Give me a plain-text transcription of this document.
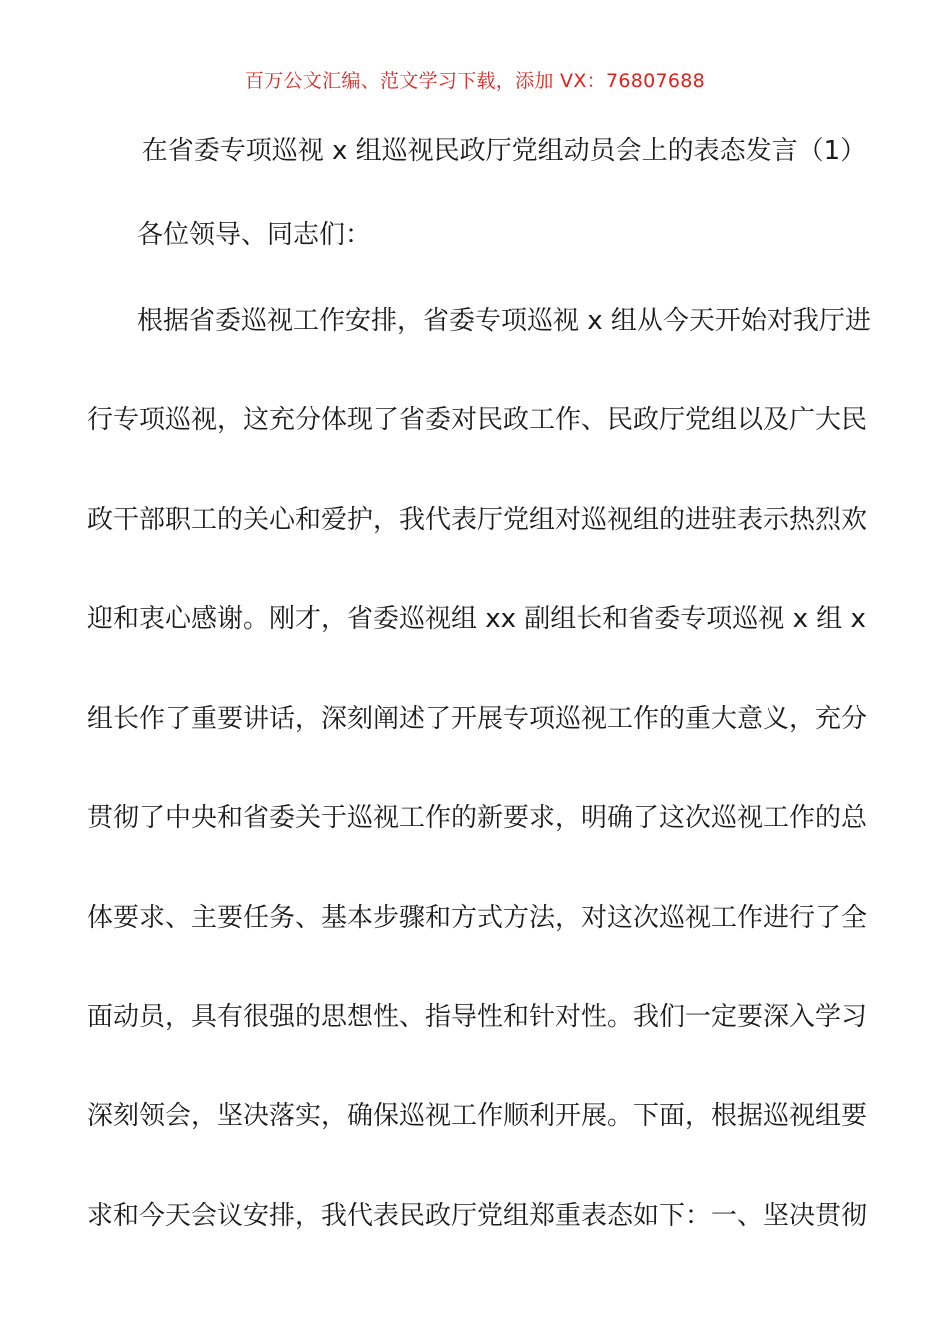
百万公文汇编、范文学习下载，添加 VX：76807688
在省委专项巡视 x 组巡视民政厅党组动员会上的表态发言（1）
各位领导、同志们：
根据省委巡视工作安排，省委专项巡视 x 组从今天开始对我厅进
行专项巡视，这充分体现了省委对民政工作、民政厅党组以及广大民
政干部职工的关心和爱护，我代表厅党组对巡视组的进驻表示热烈欢
迎和衷心感谢。刚才，省委巡视组 xx 副组长和省委专项巡视 x 组 x
组长作了重要讲话，深刻阐述了开展专项巡视工作的重大意义，充分
贯彻了中央和省委关于巡视工作的新要求，明确了这次巡视工作的总
体要求、主要任务、基本步骤和方式方法，对这次巡视工作进行了全
面动员，具有很强的思想性、指导性和针对性。我们一定要深入学习
深刻领会，坚决落实，确保巡视工作顺利开展。下面，根据巡视组要
求和今天会议安排，我代表民政厅党组郑重表态如下：一、坚决贯彻
